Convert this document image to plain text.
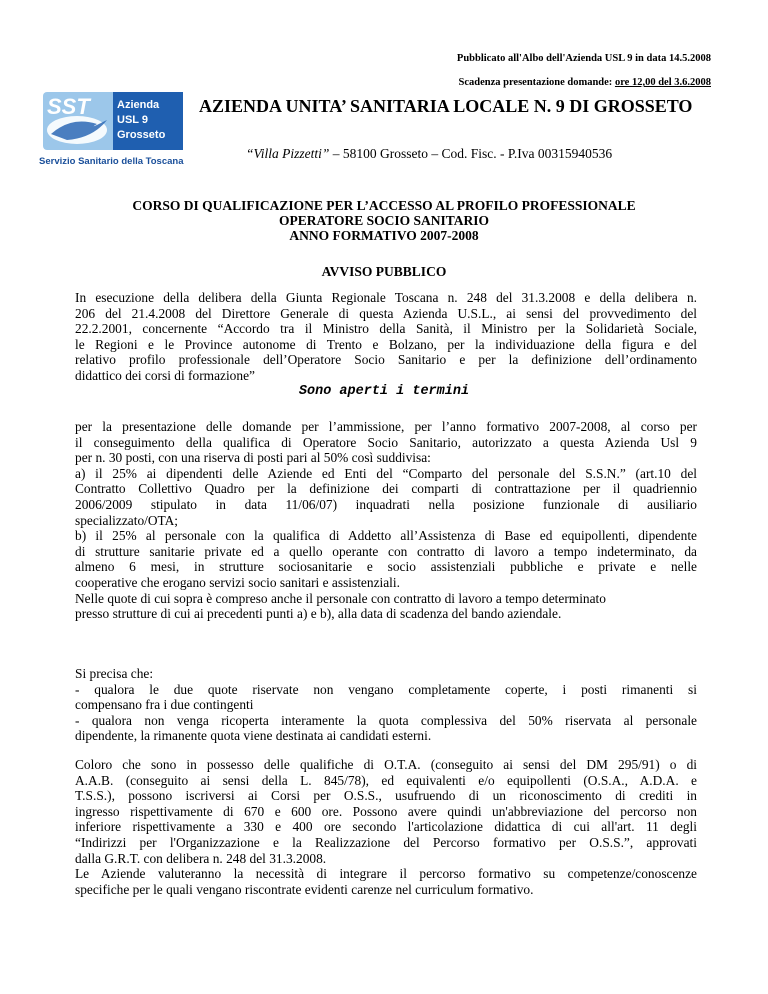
Pubblicato all'Albo dell'Azienda USL 9 in data 14.5.2008
Scadenza presentazione domande: ore 12,00 del 3.6.2008
SST Azienda
USL 9
Grosseto
Servizio Sanitario della Toscana
AZIENDA UNITA’ SANITARIA LOCALE N. 9 DI GROSSETO
“Villa Pizzetti” – 58100 Grosseto – Cod. Fisc. - P.Iva 00315940536
CORSO DI QUALIFICAZIONE PER L’ACCESSO AL PROFILO PROFESSIONALE
OPERATORE SOCIO SANITARIO
ANNO FORMATIVO 2007-2008
AVVISO PUBBLICO
In esecuzione della delibera della Giunta Regionale Toscana n. 248 del 31.3.2008 e della delibera n.
206 del 21.4.2008 del Direttore Generale di questa Azienda U.S.L., ai sensi del provvedimento del
22.2.2001, concernente “Accordo tra il Ministro della Sanità, il Ministro per la Solidarietà Sociale,
le Regioni e le Province autonome di Trento e Bolzano, per la individuazione della figura e del
relativo profilo professionale dell’Operatore Socio Sanitario e per la definizione dell’ordinamento
didattico dei corsi di formazione”
Sono aperti i termini
per la presentazione delle domande per l’ammissione, per l’anno formativo 2007-2008, al corso per
il conseguimento della qualifica di Operatore Socio Sanitario, autorizzato a questa Azienda Usl 9
per n. 30 posti, con una riserva di posti pari al 50% così suddivisa:
a) il 25% ai dipendenti delle Aziende ed Enti del “Comparto del personale del S.S.N.” (art.10 del
Contratto Collettivo Quadro per la definizione dei comparti di contrattazione per il quadriennio
2006/2009 stipulato in data 11/06/07) inquadrati nella posizione funzionale di ausiliario
specializzato/OTA;
b) il 25% al personale con la qualifica di Addetto all’Assistenza di Base ed equipollenti, dipendente
di strutture sanitarie private ed a quello operante con contratto di lavoro a tempo indeterminato, da
almeno 6 mesi, in strutture sociosanitarie e socio assistenziali pubbliche e private e nelle
cooperative che erogano servizi socio sanitari e assistenziali.
Nelle quote di cui sopra è compreso anche il personale con contratto di lavoro a tempo determinato
presso strutture di cui ai precedenti punti a) e b), alla data di scadenza del bando aziendale.
Si precisa che:
- qualora le due quote riservate non vengano completamente coperte, i posti rimanenti si
compensano fra i due contingenti
- qualora non venga ricoperta interamente la quota complessiva del 50% riservata al personale
dipendente, la rimanente quota viene destinata ai candidati esterni.
Coloro che sono in possesso delle qualifiche di O.T.A. (conseguito ai sensi del DM 295/91) o di
A.A.B. (conseguito ai sensi della L. 845/78), ed equivalenti e/o equipollenti (O.S.A., A.D.A. e
T.S.S.), possono iscriversi ai Corsi per O.S.S., usufruendo di un riconoscimento di crediti in
ingresso rispettivamente di 670 e 600 ore. Possono avere quindi un'abbreviazione del percorso non
inferiore rispettivamente a 330 e 400 ore secondo l'articolazione didattica di cui all'art. 11 degli
“Indirizzi per l'Organizzazione e la Realizzazione del Percorso formativo per O.S.S.”, approvati
dalla G.R.T. con delibera n. 248 del 31.3.2008.
Le Aziende valuteranno la necessità di integrare il percorso formativo su competenze/conoscenze
specifiche per le quali vengano riscontrate evidenti carenze nel curriculum formativo.
